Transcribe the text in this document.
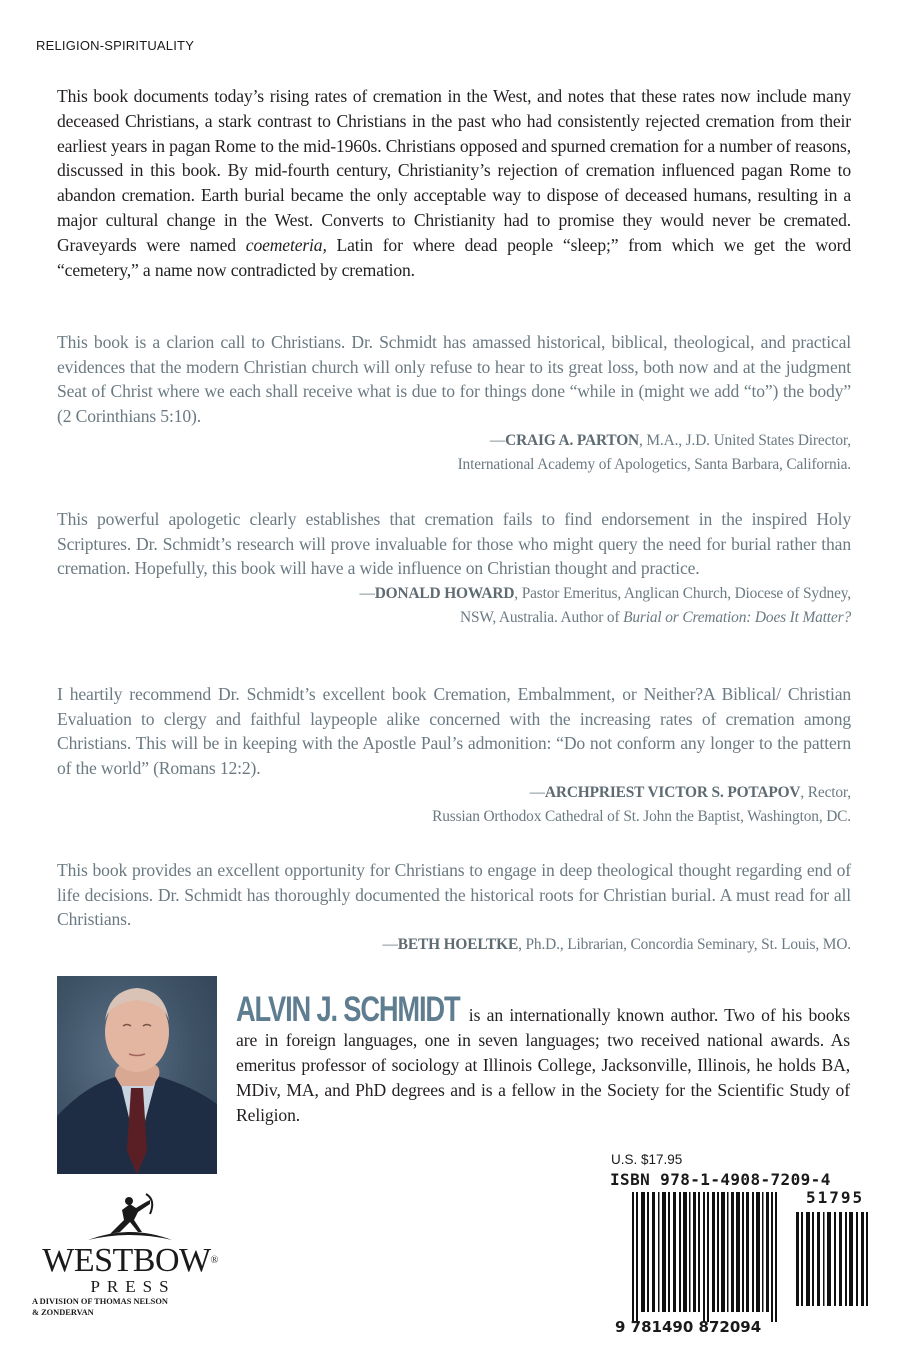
RELIGION-SPIRITUALITY
This book documents today’s rising rates of cremation in the West, and notes that these rates now include many deceased Christians, a stark contrast to Christians in the past who had consistently rejected cremation from their earliest years in pagan Rome to the mid-1960s. Christians opposed and spurned cremation for a number of reasons, discussed in this book. By mid-fourth century, Christianity’s rejection of cremation influenced pagan Rome to abandon cremation. Earth burial became the only acceptable way to dispose of deceased humans, resulting in a major cultural change in the West. Converts to Christianity had to promise they would never be cremated. Graveyards were named coemeteria, Latin for where dead people “sleep;” from which we get the word “cemetery,” a name now contradicted by cremation.
This book is a clarion call to Christians. Dr. Schmidt has amassed historical, biblical, theological, and practical evidences that the modern Christian church will only refuse to hear to its great loss, both now and at the judgment Seat of Christ where we each shall receive what is due to for things done “while in (might we add “to”) the body” (2 Corinthians 5:10).
—CRAIG A. PARTON, M.A., J.D. United States Director,
International Academy of Apologetics, Santa Barbara, California.
This powerful apologetic clearly establishes that cremation fails to find endorsement in the inspired Holy Scriptures. Dr. Schmidt’s research will prove invaluable for those who might query the need for burial rather than cremation. Hopefully, this book will have a wide influence on Christian thought and practice.
—DONALD HOWARD, Pastor Emeritus, Anglican Church, Diocese of Sydney,
NSW, Australia. Author of Burial or Cremation: Does It Matter?
I heartily recommend Dr. Schmidt’s excellent book Cremation, Embalmment, or Neither?A Biblical/ Christian Evaluation to clergy and faithful laypeople alike concerned with the increasing rates of cremation among Christians. This will be in keeping with the Apostle Paul’s admonition: “Do not conform any longer to the pattern of the world” (Romans 12:2).
—ARCHPRIEST VICTOR S. POTAPOV, Rector,
Russian Orthodox Cathedral of St. John the Baptist, Washington, DC.
This book provides an excellent opportunity for Christians to engage in deep theological thought regarding end of life decisions. Dr. Schmidt has thoroughly documented the historical roots for Christian burial. A must read for all Christians.
—BETH HOELTKE, Ph.D., Librarian, Concordia Seminary, St. Louis, MO.
ALVIN J. SCHMIDT is an internationally known author. Two of his books are in foreign languages, one in seven languages; two received national awards. As emeritus professor of sociology at Illinois College, Jacksonville, Illinois, he holds BA, MDiv, MA, and PhD degrees and is a fellow in the Society for the Scientific Study of Religion.
WESTBOW®
PRESS
A DIVISION OF THOMAS NELSON
& ZONDERVAN
U.S. $17.95
ISBN 978-1-4908-7209-4
51795
9 781490 872094
